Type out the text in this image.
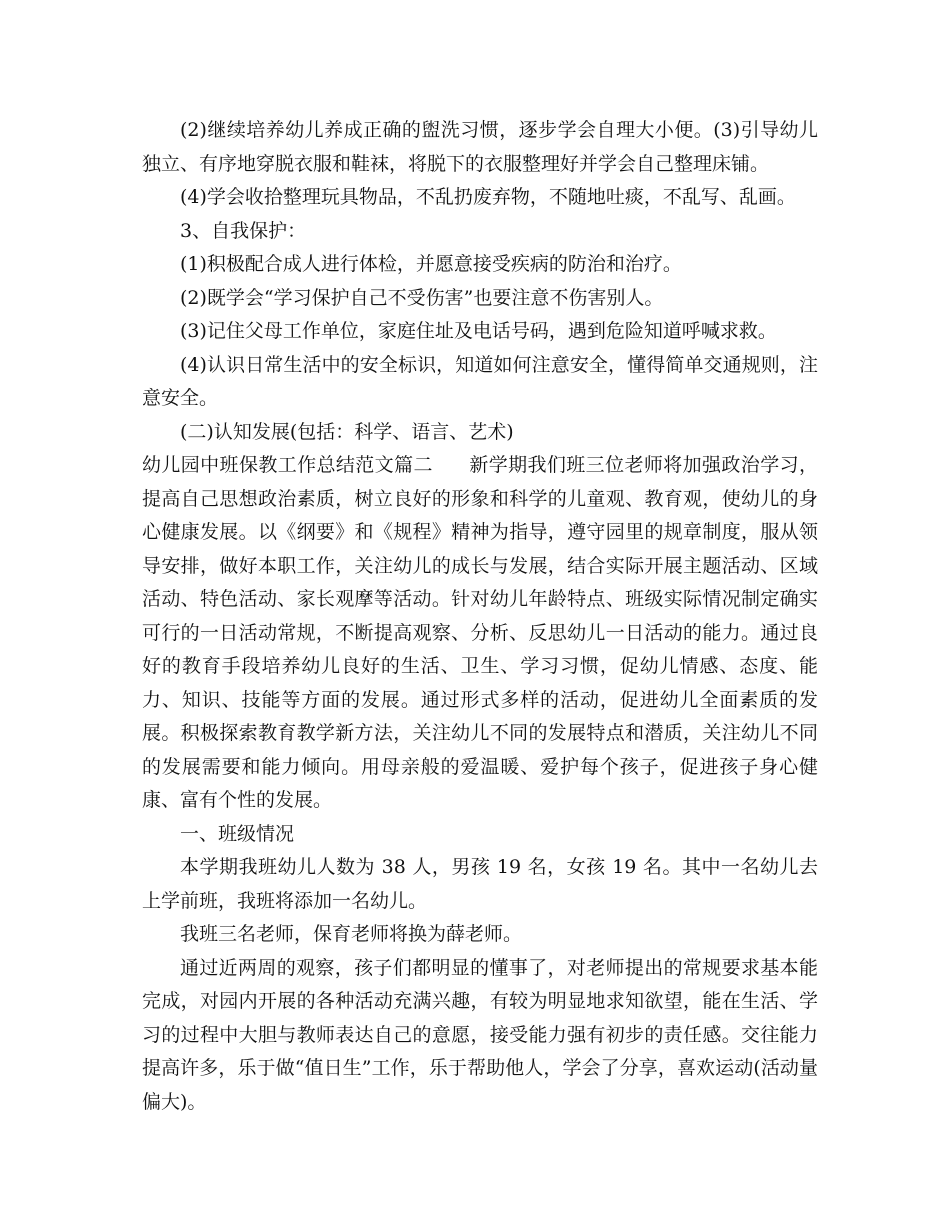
(2)继续培养幼儿养成正确的盥洗习惯，逐步学会自理大小便。(3)引导幼儿独立、有序地穿脱衣服和鞋袜，将脱下的衣服整理好并学会自己整理床铺。

(4)学会收拾整理玩具物品，不乱扔废弃物，不随地吐痰，不乱写、乱画。

3、自我保护：

(1)积极配合成人进行体检，并愿意接受疾病的防治和治疗。

(2)既学会“学习保护自己不受伤害”也要注意不伤害别人。

(3)记住父母工作单位，家庭住址及电话号码，遇到危险知道呼喊求救。

(4)认识日常生活中的安全标识，知道如何注意安全，懂得简单交通规则，注意安全。

(二)认知发展(包括：科学、语言、艺术)

幼儿园中班保教工作总结范文篇二 新学期我们班三位老师将加强政治学习，提高自己思想政治素质，树立良好的形象和科学的儿童观、教育观，使幼儿的身心健康发展。以《纲要》和《规程》精神为指导，遵守园里的规章制度，服从领导安排，做好本职工作，关注幼儿的成长与发展，结合实际开展主题活动、区域活动、特色活动、家长观摩等活动。针对幼儿年龄特点、班级实际情况制定确实可行的一日活动常规，不断提高观察、分析、反思幼儿一日活动的能力。通过良好的教育手段培养幼儿良好的生活、卫生、学习习惯，促幼儿情感、态度、能力、知识、技能等方面的发展。通过形式多样的活动，促进幼儿全面素质的发展。积极探索教育教学新方法，关注幼儿不同的发展特点和潜质，关注幼儿不同的发展需要和能力倾向。用母亲般的爱温暖、爱护每个孩子，促进孩子身心健康、富有个性的发展。

一、班级情况

本学期我班幼儿人数为 38 人，男孩 19 名，女孩 19 名。其中一名幼儿去上学前班，我班将添加一名幼儿。

我班三名老师，保育老师将换为薛老师。

通过近两周的观察，孩子们都明显的懂事了，对老师提出的常规要求基本能完成，对园内开展的各种活动充满兴趣，有较为明显地求知欲望，能在生活、学习的过程中大胆与教师表达自己的意愿，接受能力强有初步的责任感。交往能力提高许多，乐于做“值日生”工作，乐于帮助他人，学会了分享，喜欢运动(活动量偏大)。
